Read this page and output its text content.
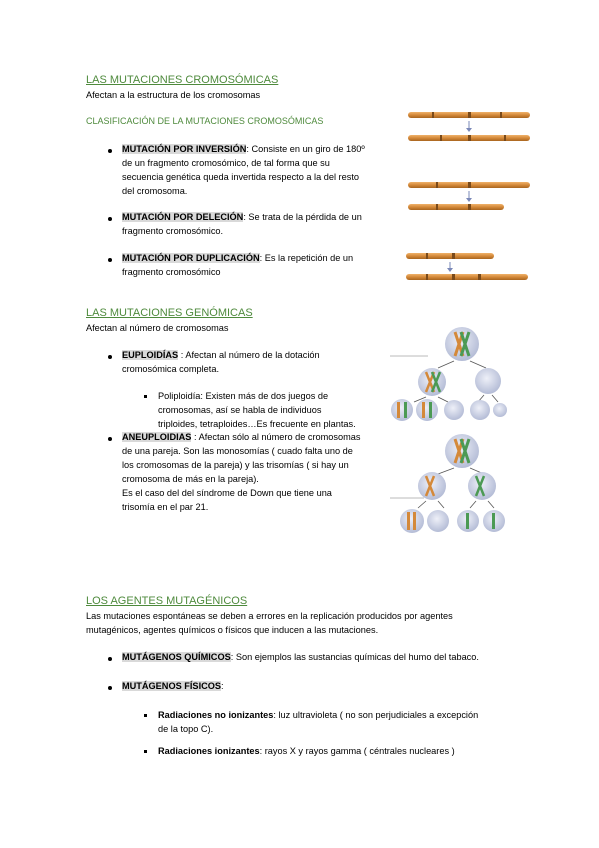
LAS MUTACIONES CROMOSÓMICAS
Afectan a la estructura de los cromosomas
CLASIFICACIÓN DE LA MUTACIONES CROMOSÓMICAS
MUTACIÓN POR INVERSIÓN: Consiste en un giro de 180º
de un fragmento cromosómico, de tal forma que su
secuencia genética queda invertida respecto a la del resto
del cromosoma.
MUTACIÓN POR DELECIÓN: Se trata de la pérdida de un
fragmento cromosómico.
MUTACIÓN POR DUPLICACIÓN: Es la repetición de un
fragmento cromosómico
LAS MUTACIONES GENÓMICAS
Afectan al número de cromosomas
EUPLOIDÍAS : Afectan al número de la dotación
cromosómica completa.
Poliploidía: Existen más de dos juegos de
cromosomas, así se habla de individuos
triploides, tetraploides…Es frecuente en plantas.
ANEUPLOIDIAS : Afectan sólo al número de cromosomas
de una pareja. Son las monosomías ( cuado falta uno de
los cromosomas de la pareja) y las trisomías ( si hay un
cromosoma de más en la pareja).
Es el caso del del síndrome de Down que tiene una
trisomía en el par 21.
LOS AGENTES MUTAGÉNICOS
Las mutaciones espontáneas se deben a errores en la replicación producidos por agentes
mutagénicos, agentes químicos o físicos que inducen a las mutaciones.
MUTÁGENOS QUÍMICOS: Son ejemplos las sustancias químicas del humo del tabaco.
MUTÁGENOS FÍSICOS:
Radiaciones no ionizantes: luz ultravioleta ( no son perjudiciales a excepción
de la topo C).
Radiaciones ionizantes: rayos X y rayos gamma ( céntrales nucleares )
